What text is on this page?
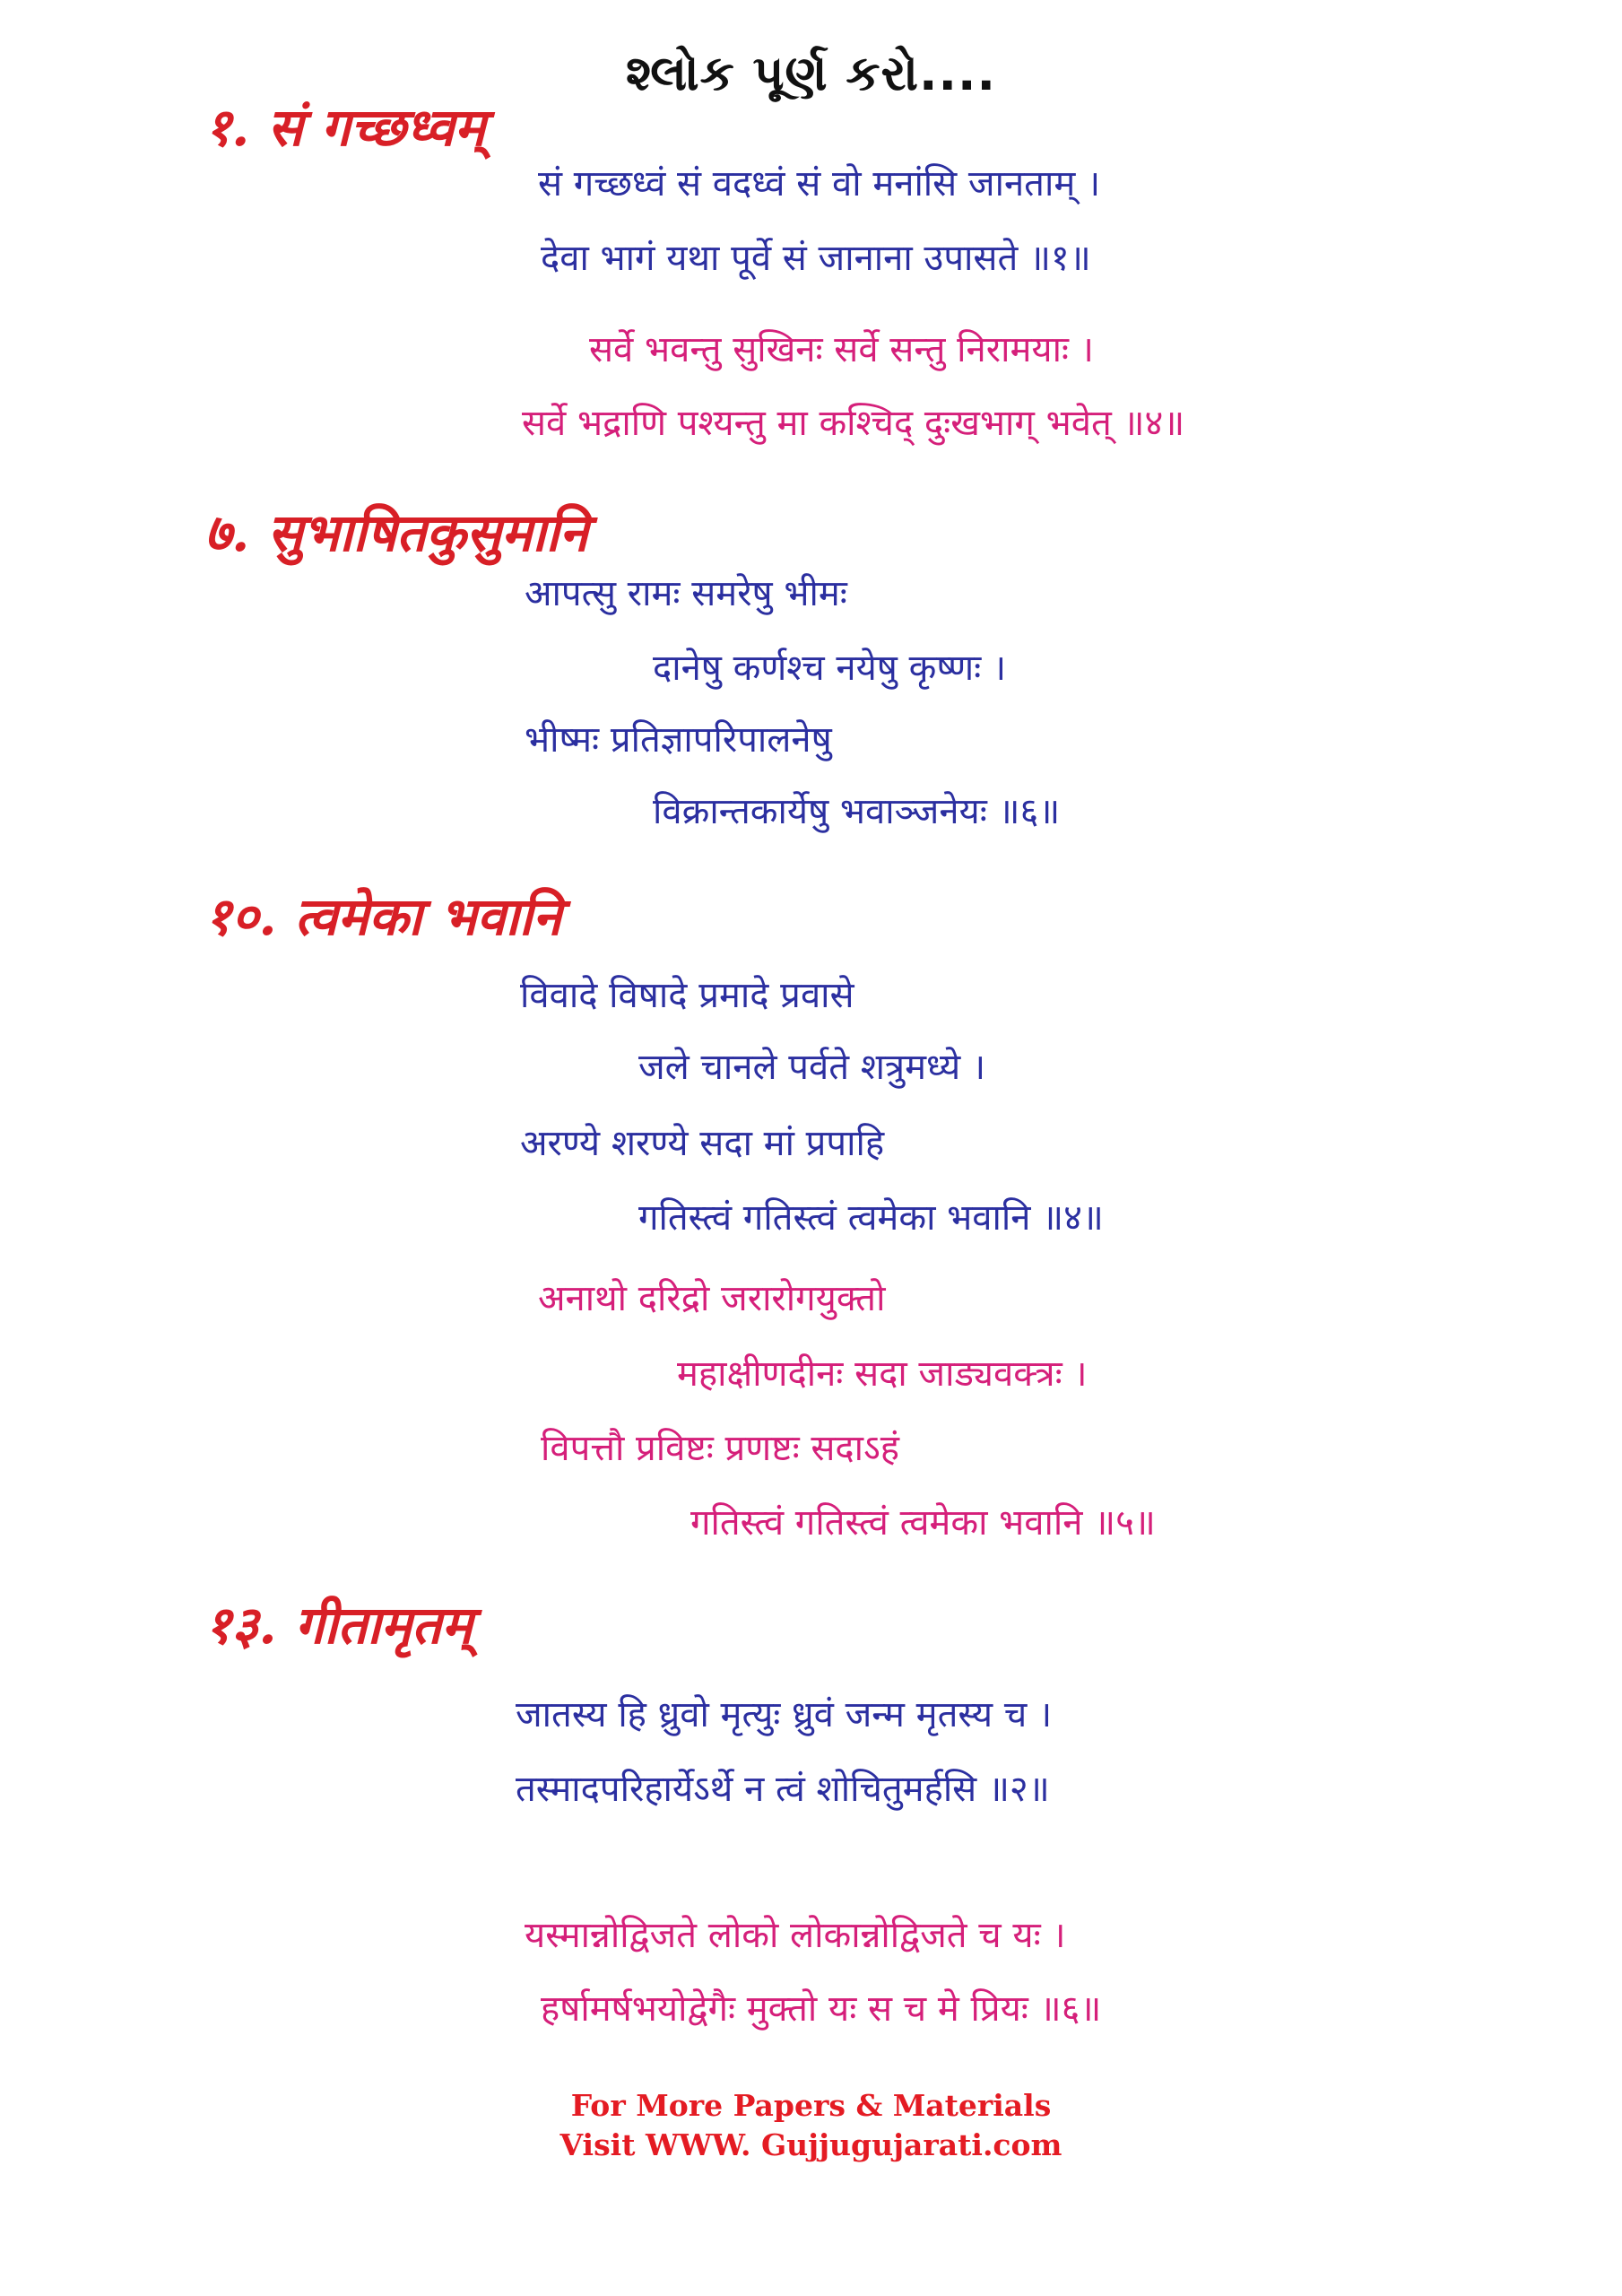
શ્લોક પૂર્ણ કરો....
१. सं गच्छध्वम्
सं गच्छध्वं सं वदध्वं सं वो मनांसि जानताम् ।
देवा भागं यथा पूर्वे सं जानाना उपासते ॥१॥
सर्वे भवन्तु सुखिनः सर्वे सन्तु निरामयाः ।
सर्वे भद्राणि पश्यन्तु मा कश्चिद् दुःखभाग् भवेत् ॥४॥
७. सुभाषितकुसुमानि
आपत्सु रामः समरेषु भीमः
दानेषु कर्णश्च नयेषु कृष्णः ।
भीष्मः प्रतिज्ञापरिपालनेषु
विक्रान्तकार्येषु भवाञ्जनेयः ॥६॥
१०. त्वमेका भवानि
विवादे विषादे प्रमादे प्रवासे
जले चानले पर्वते शत्रुमध्ये ।
अरण्ये शरण्ये सदा मां प्रपाहि
गतिस्त्वं गतिस्त्वं त्वमेका भवानि ॥४॥
अनाथो दरिद्रो जरारोगयुक्तो
महाक्षीणदीनः सदा जाड्यवक्त्रः ।
विपत्तौ प्रविष्टः प्रणष्टः सदाऽहं
गतिस्त्वं गतिस्त्वं त्वमेका भवानि ॥५॥
१३. गीतामृतम्
जातस्य हि ध्रुवो मृत्युः ध्रुवं जन्म मृतस्य च ।
तस्मादपरिहार्येऽर्थे न त्वं शोचितुमर्हसि ॥२॥
यस्मान्नोद्विजते लोको लोकान्नोद्विजते च यः ।
हर्षामर्षभयोद्वेगैः मुक्तो यः स च मे प्रियः ॥६॥
For More Papers & Materials
Visit WWW. Gujjugujarati.com
